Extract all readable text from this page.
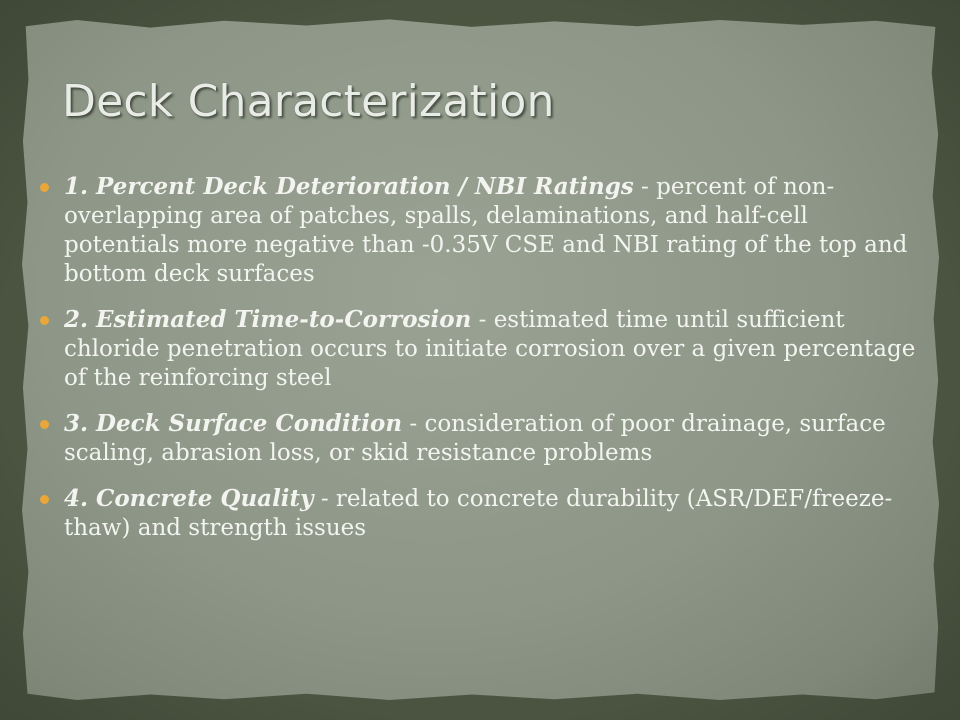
Deck Characterization
1. Percent Deck Deterioration / NBI Ratings - percent of non-overlapping area of patches, spalls, delaminations, and half-cell potentials more negative than -0.35V CSE and NBI rating of the top and bottom deck surfaces
2. Estimated Time-to-Corrosion - estimated time until sufficient chloride penetration occurs to initiate corrosion over a given percentage of the reinforcing steel
3. Deck Surface Condition - consideration of poor drainage, surface scaling, abrasion loss, or skid resistance problems
4. Concrete Quality - related to concrete durability (ASR/DEF/freeze-thaw) and strength issues
